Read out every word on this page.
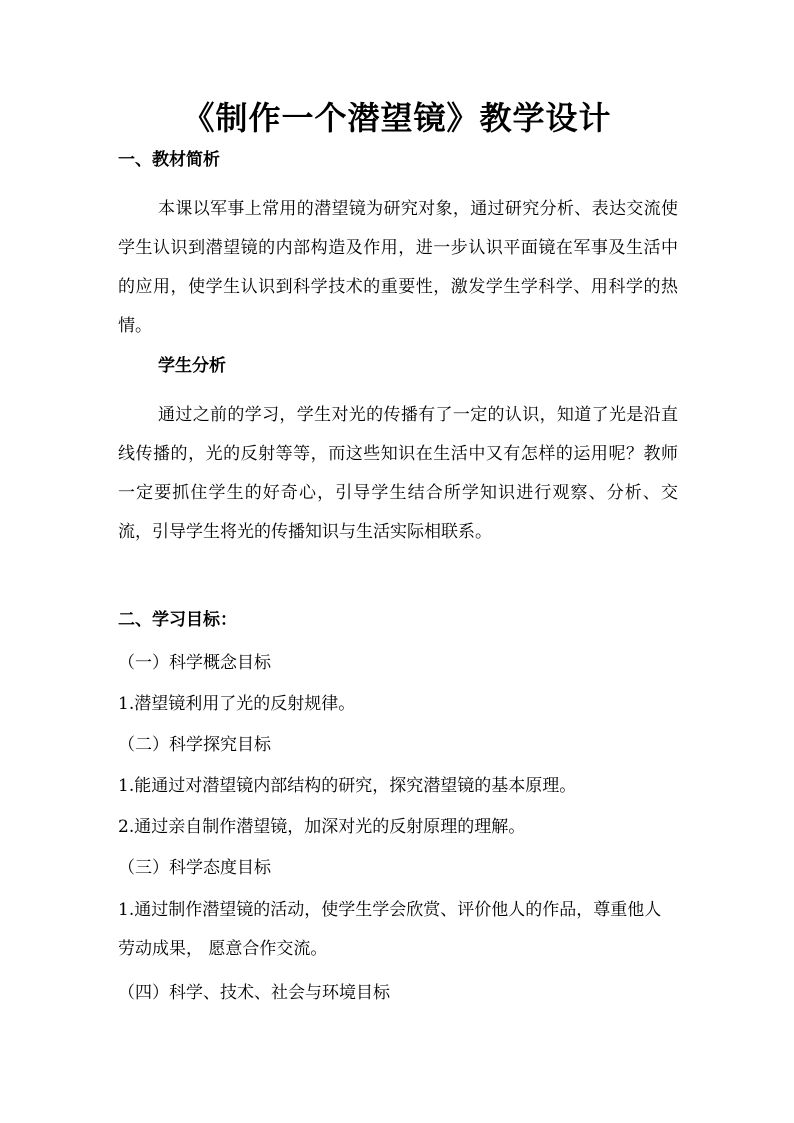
《制作一个潜望镜》教学设计
一、教材简析
本课以军事上常用的潜望镜为研究对象，通过研究分析、表达交流使学生认识到潜望镜的内部构造及作用，进一步认识平面镜在军事及生活中的应用，使学生认识到科学技术的重要性，激发学生学科学、用科学的热情。
学生分析
通过之前的学习，学生对光的传播有了一定的认识，知道了光是沿直线传播的，光的反射等等，而这些知识在生活中又有怎样的运用呢？教师一定要抓住学生的好奇心，引导学生结合所学知识进行观察、分析、交流，引导学生将光的传播知识与生活实际相联系。
二、学习目标：
（一）科学概念目标
1.潜望镜利用了光的反射规律。
（二）科学探究目标
1.能通过对潜望镜内部结构的研究，探究潜望镜的基本原理。
2.通过亲自制作潜望镜，加深对光的反射原理的理解。
（三）科学态度目标
1.通过制作潜望镜的活动，使学生学会欣赏、评价他人的作品，尊重他人劳动成果， 愿意合作交流。
（四）科学、技术、社会与环境目标
